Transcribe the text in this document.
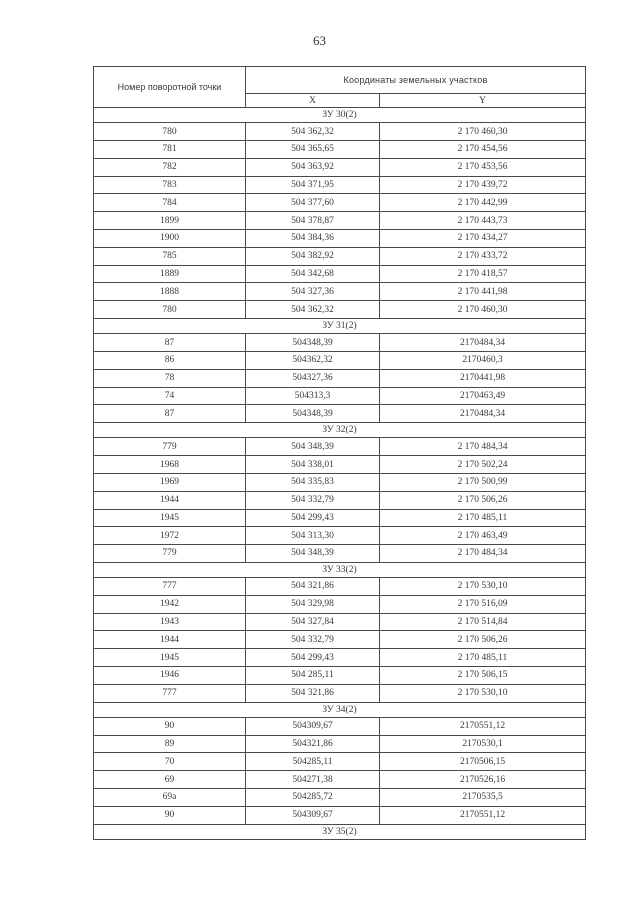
63
Номер поворотной точки	Координаты земельных участков	
	X	Y
ЗУ 30(2)		
780	504 362,32	2 170 460,30
781	504 365,65	2 170 454,56
782	504 363,92	2 170 453,56
783	504 371,95	2 170 439,72
784	504 377,60	2 170 442,99
1899	504 378,87	2 170 443,73
1900	504 384,36	2 170 434,27
785	504 382,92	2 170 433,72
1889	504 342,68	2 170 418,57
1888	504 327,36	2 170 441,98
780	504 362,32	2 170 460,30
ЗУ 31(2)		
87	504348,39	2170484,34
86	504362,32	2170460,3
78	504327,36	2170441,98
74	504313,3	2170463,49
87	504348,39	2170484,34
ЗУ 32(2)		
779	504 348,39	2 170 484,34
1968	504 338,01	2 170 502,24
1969	504 335,83	2 170 500,99
1944	504 332,79	2 170 506,26
1945	504 299,43	2 170 485,11
1972	504 313,30	2 170 463,49
779	504 348,39	2 170 484,34
ЗУ 33(2)		
777	504 321,86	2 170 530,10
1942	504 329,98	2 170 516,09
1943	504 327,84	2 170 514,84
1944	504 332,79	2 170 506,26
1945	504 299,43	2 170 485,11
1946	504 285,11	2 170 506,15
777	504 321,86	2 170 530,10
ЗУ 34(2)		
90	504309,67	2170551,12
89	504321,86	2170530,1
70	504285,11	2170506,15
69	504271,38	2170526,16
69а	504285,72	2170535,5
90	504309,67	2170551,12
ЗУ 35(2)		
